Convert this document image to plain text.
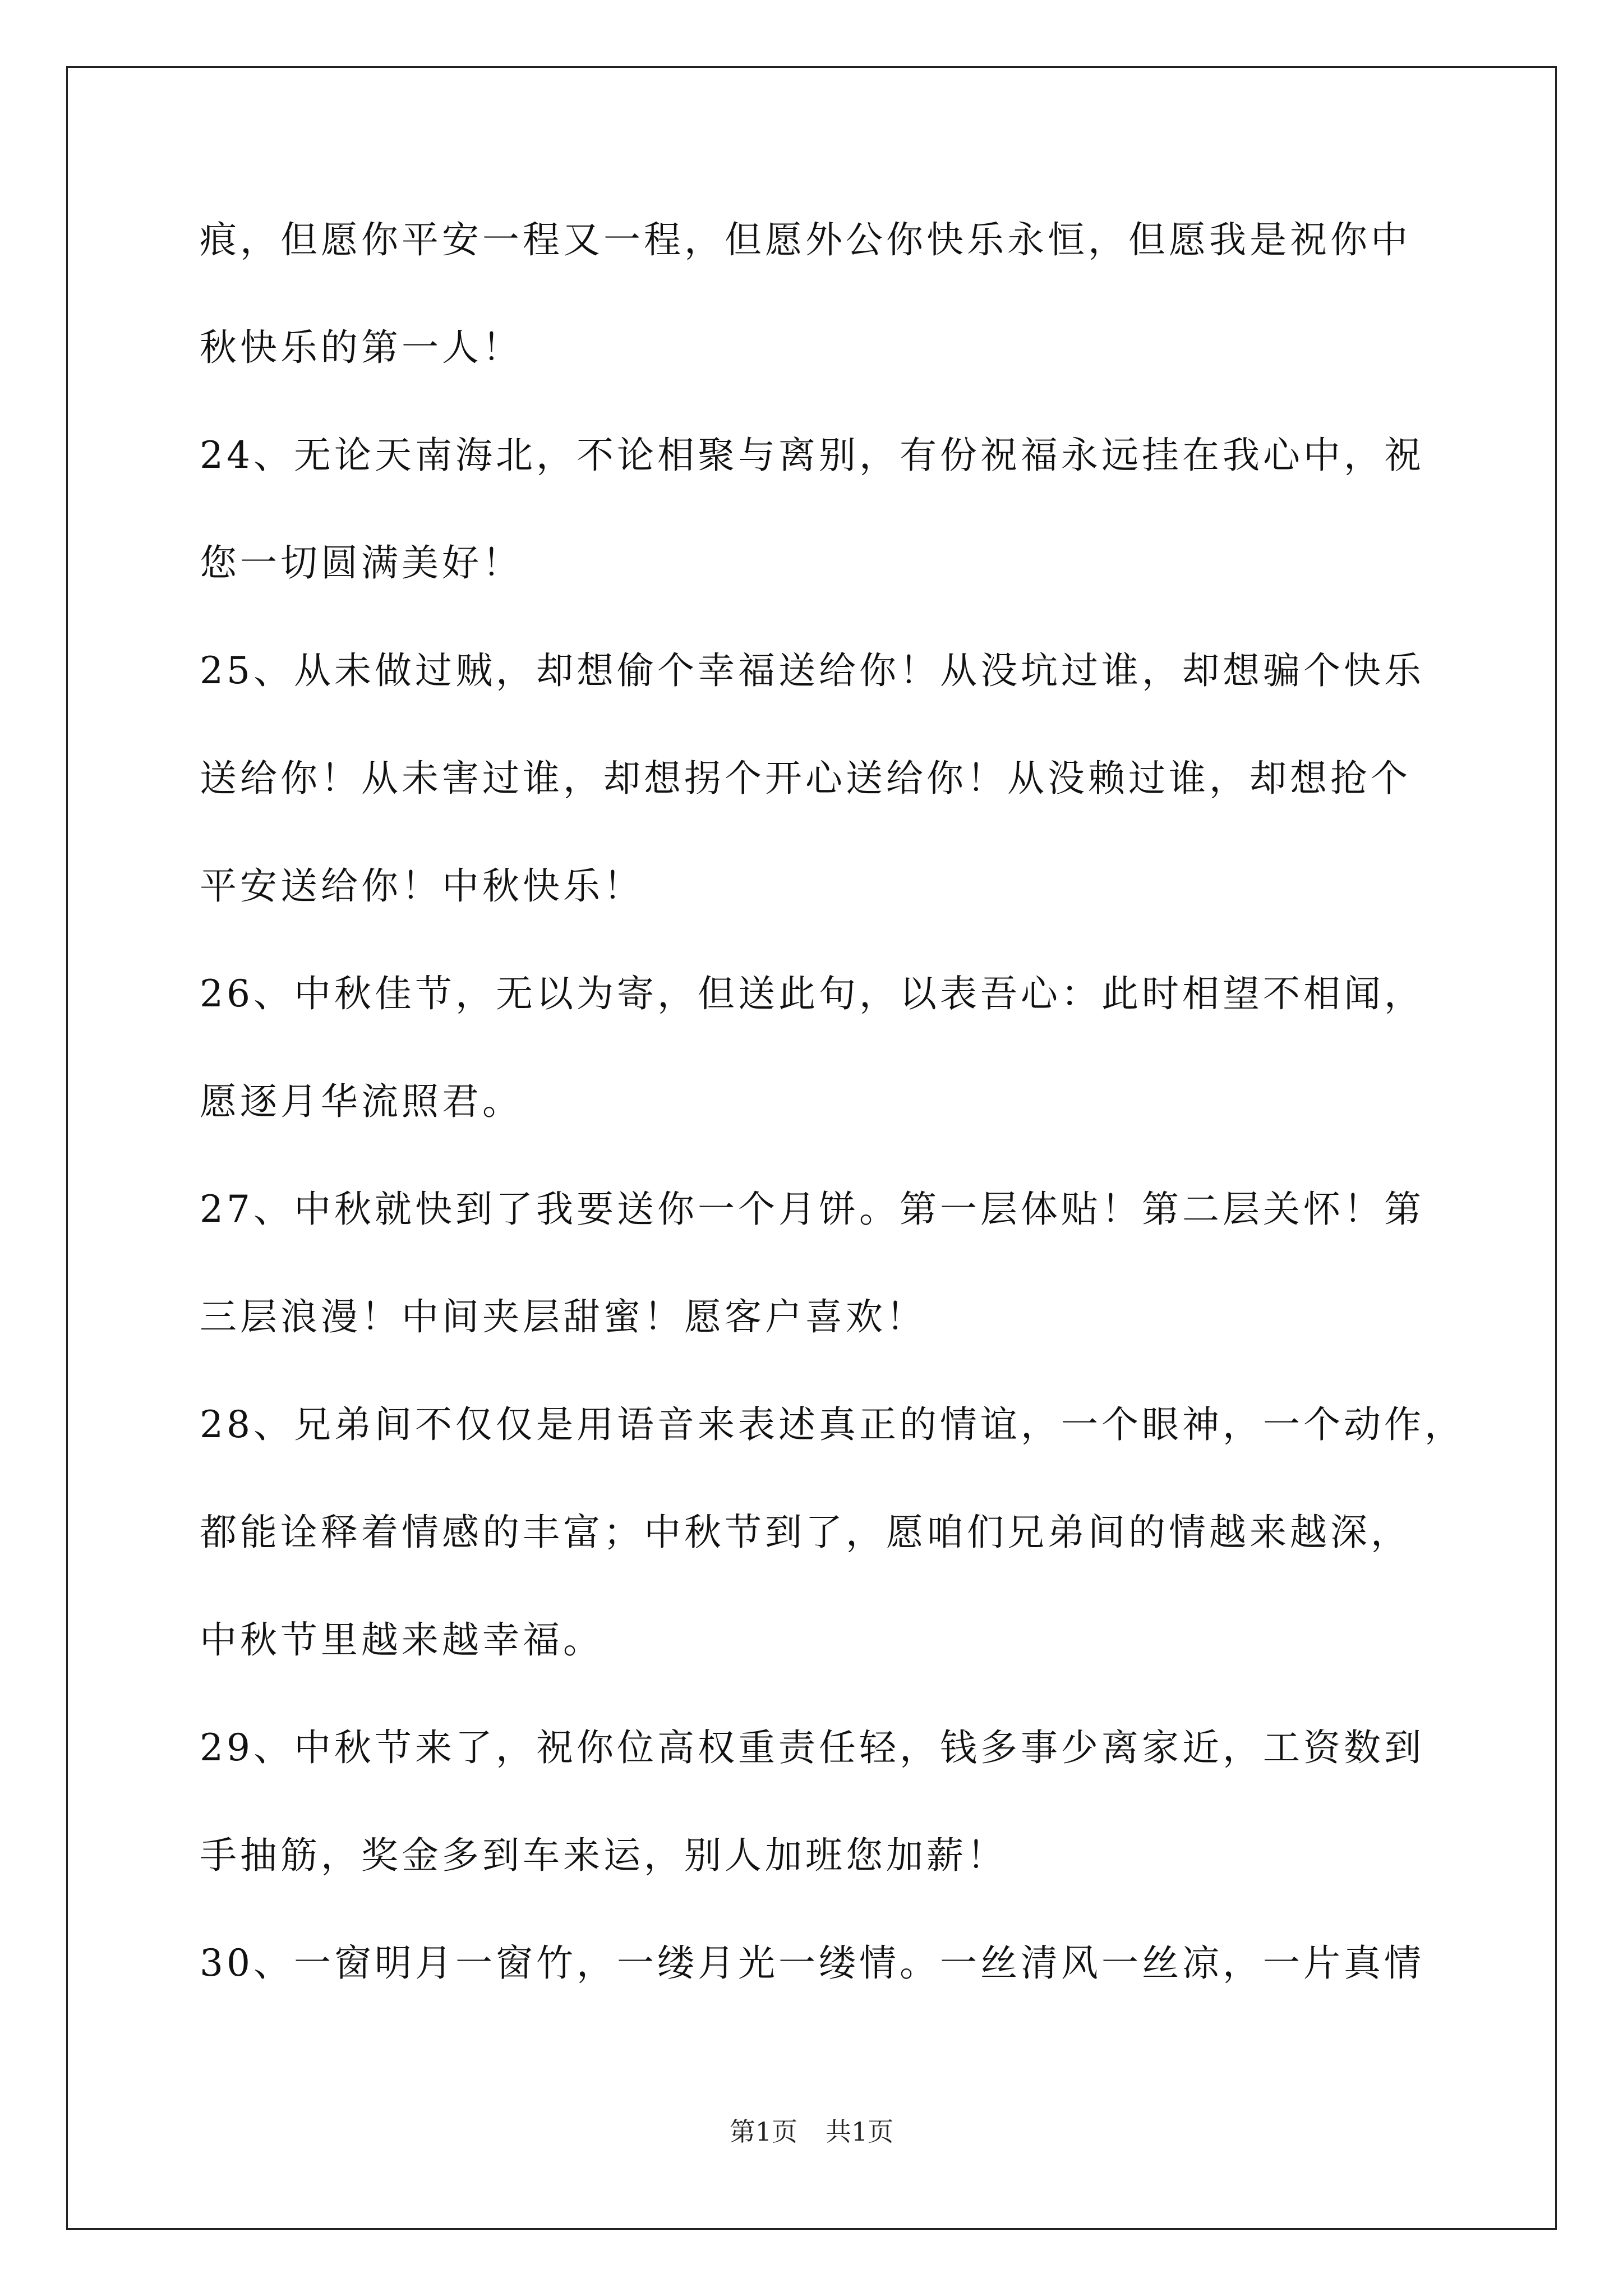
痕，但愿你平安一程又一程，但愿外公你快乐永恒，但愿我是祝你中
秋快乐的第一人！
24、无论天南海北，不论相聚与离别，有份祝福永远挂在我心中，祝
您一切圆满美好！
25、从未做过贼，却想偷个幸福送给你！从没坑过谁，却想骗个快乐
送给你！从未害过谁，却想拐个开心送给你！从没赖过谁，却想抢个
平安送给你！中秋快乐！
26、中秋佳节，无以为寄，但送此句，以表吾心：此时相望不相闻，
愿逐月华流照君。
27、中秋就快到了我要送你一个月饼。第一层体贴！第二层关怀！第
三层浪漫！中间夹层甜蜜！愿客户喜欢！
28、兄弟间不仅仅是用语音来表述真正的情谊，一个眼神，一个动作，
都能诠释着情感的丰富；中秋节到了，愿咱们兄弟间的情越来越深，
中秋节里越来越幸福。
29、中秋节来了，祝你位高权重责任轻，钱多事少离家近，工资数到
手抽筋，奖金多到车来运，别人加班您加薪！
30、一窗明月一窗竹，一缕月光一缕情。一丝清风一丝凉，一片真情
第1页 共1页
